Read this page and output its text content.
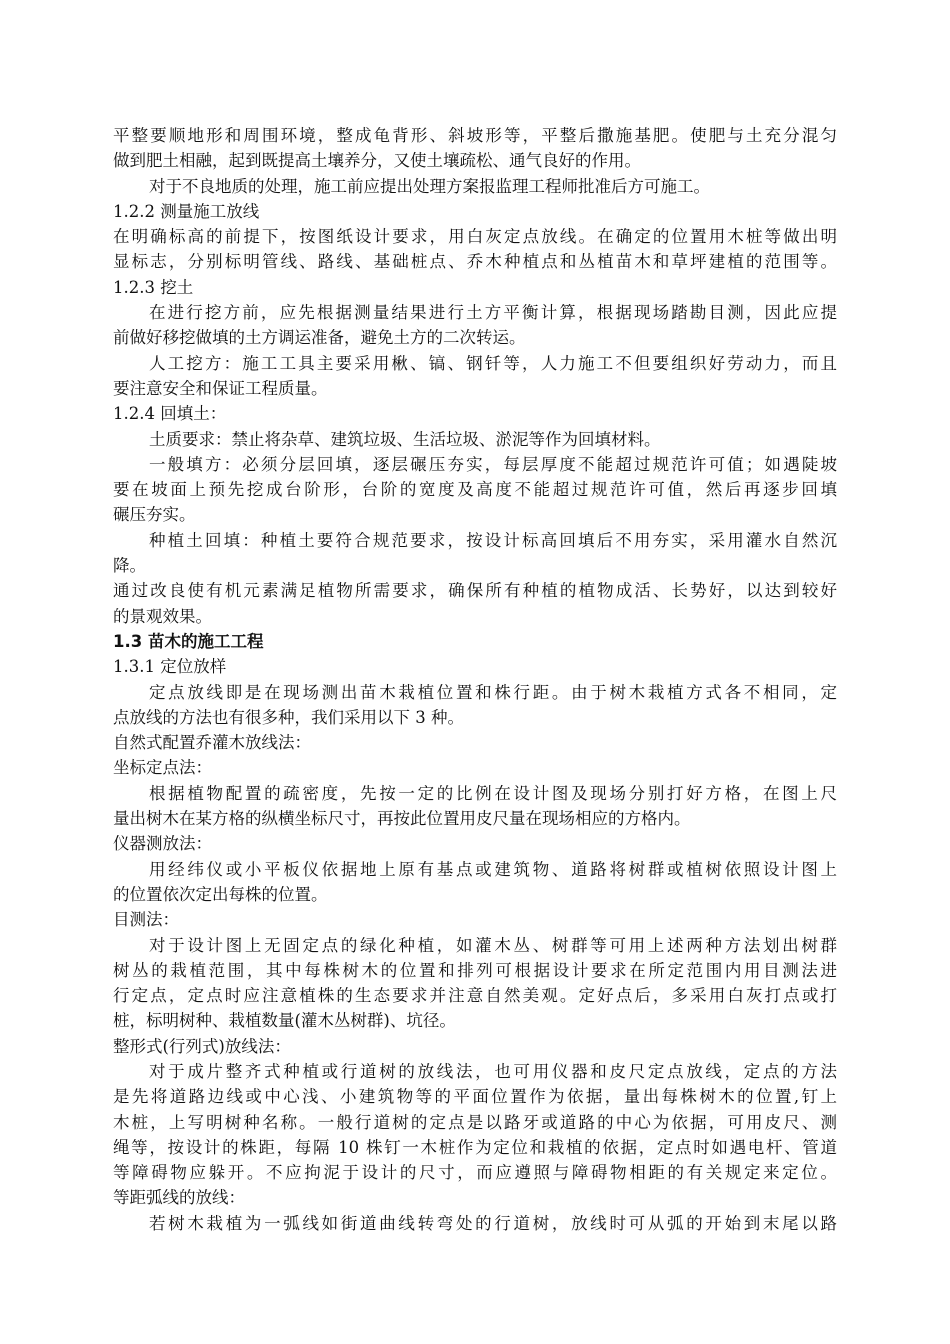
平整要顺地形和周围环境，整成龟背形、斜坡形等，平整后撒施基肥。使肥与土充分混匀
做到肥土相融，起到既提高土壤养分，又使土壤疏松、通气良好的作用。
对于不良地质的处理，施工前应提出处理方案报监理工程师批准后方可施工。
1.2.2 测量施工放线
在明确标高的前提下，按图纸设计要求，用白灰定点放线。在确定的位置用木桩等做出明
显标志，分别标明管线、路线、基础桩点、乔木种植点和丛植苗木和草坪建植的范围等。
1.2.3 挖土
在进行挖方前，应先根据测量结果进行土方平衡计算，根据现场踏勘目测，因此应提
前做好移挖做填的土方调运准备，避免土方的二次转运。
人工挖方：施工工具主要采用楸、镐、钢钎等，人力施工不但要组织好劳动力，而且
要注意安全和保证工程质量。
1.2.4 回填土：
土质要求：禁止将杂草、建筑垃圾、生活垃圾、淤泥等作为回填材料。
一般填方：必须分层回填，逐层碾压夯实，每层厚度不能超过规范许可值；如遇陡坡
要在坡面上预先挖成台阶形，台阶的宽度及高度不能超过规范许可值，然后再逐步回填
碾压夯实。
种植土回填：种植土要符合规范要求，按设计标高回填后不用夯实，采用灌水自然沉
降。
通过改良使有机元素满足植物所需要求，确保所有种植的植物成活、长势好，以达到较好
的景观效果。
1.3 苗木的施工工程
1.3.1 定位放样
定点放线即是在现场测出苗木栽植位置和株行距。由于树木栽植方式各不相同，定
点放线的方法也有很多种，我们采用以下 3 种。
自然式配置乔灌木放线法：
坐标定点法：
根据植物配置的疏密度，先按一定的比例在设计图及现场分别打好方格，在图上尺
量出树木在某方格的纵横坐标尺寸，再按此位置用皮尺量在现场相应的方格内。
仪器测放法：
用经纬仪或小平板仪依据地上原有基点或建筑物、道路将树群或植树依照设计图上
的位置依次定出每株的位置。
目测法：
对于设计图上无固定点的绿化种植，如灌木丛、树群等可用上述两种方法划出树群
树丛的栽植范围，其中每株树木的位置和排列可根据设计要求在所定范围内用目测法进
行定点，定点时应注意植株的生态要求并注意自然美观。定好点后，多采用白灰打点或打
桩，标明树种、栽植数量(灌木丛树群)、坑径。
整形式(行列式)放线法：
对于成片整齐式种植或行道树的放线法，也可用仪器和皮尺定点放线，定点的方法
是先将道路边线或中心浅、小建筑物等的平面位置作为依据，量出每株树木的位置,钉上
木桩，上写明树种名称。一般行道树的定点是以路牙或道路的中心为依据，可用皮尺、测
绳等，按设计的株距，每隔 10 株钉一木桩作为定位和栽植的依据，定点时如遇电杆、管道
等障碍物应躲开。不应拘泥于设计的尺寸，而应遵照与障碍物相距的有关规定来定位。
等距弧线的放线：
若树木栽植为一弧线如街道曲线转弯处的行道树，放线时可从弧的开始到末尾以路
